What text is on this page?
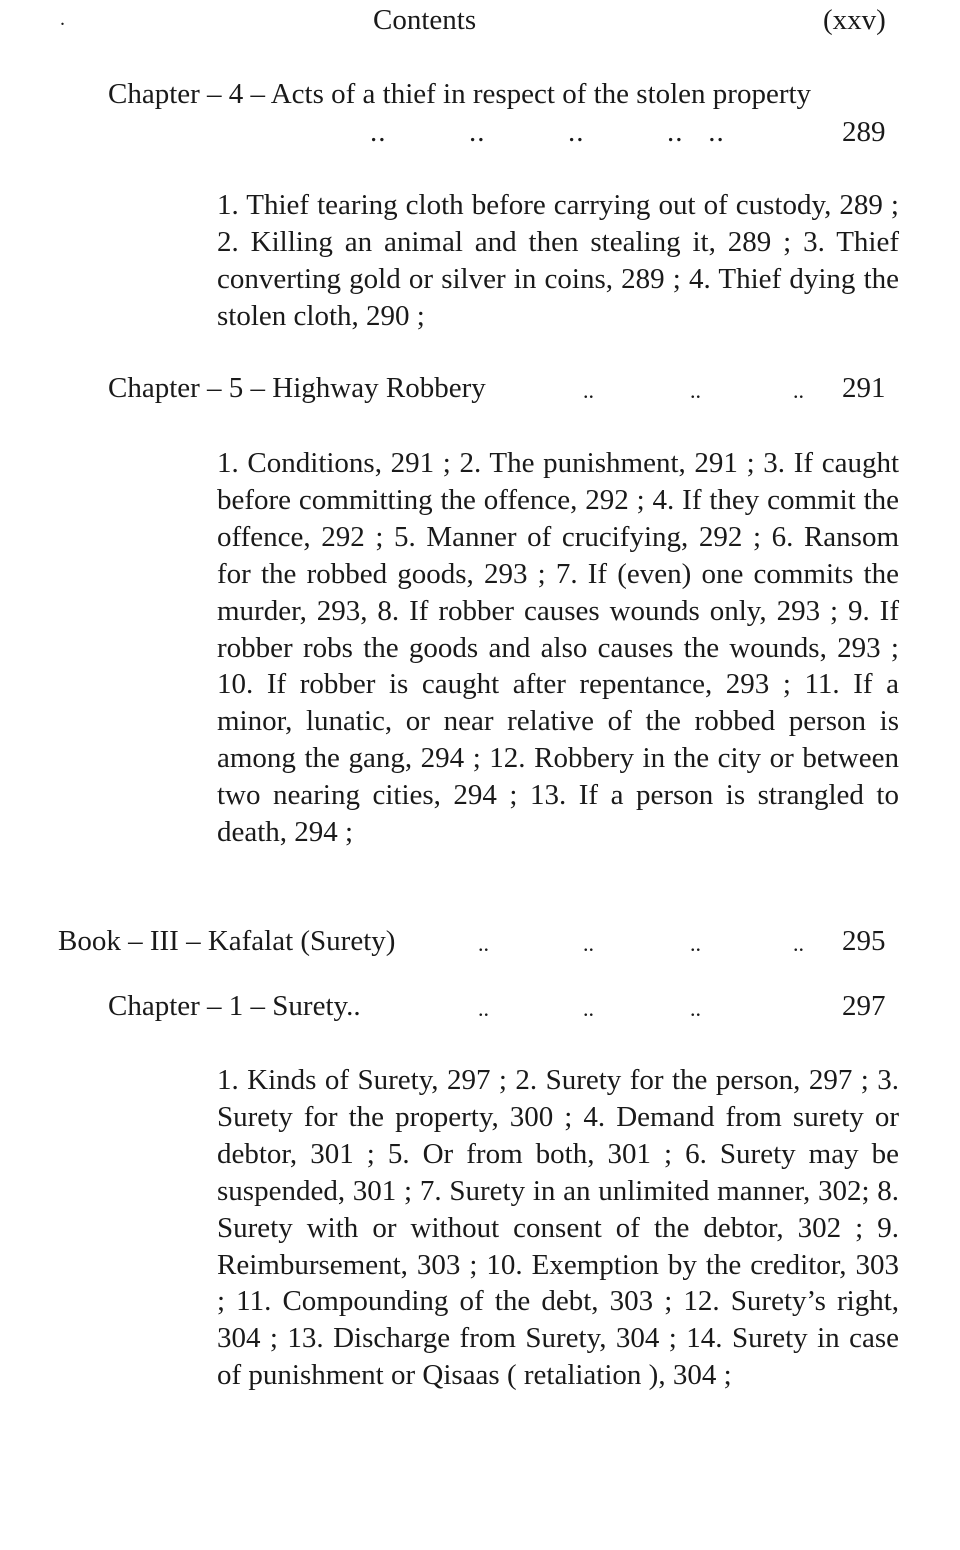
.	Contents	(xxv)
Chapter – 4 – Acts of a thief in respect of the stolen property
..          ..          ..          ..   ..	289
1. Thief tearing cloth before carrying out of custody, 289 ; 2. Killing an animal and then stealing it, 289 ; 3. Thief converting gold or silver in coins, 289 ; 4. Thief dying the stolen cloth, 290 ;
Chapter – 5 – Highway Robbery	..	..	.. 291
1. Conditions, 291 ; 2. The punishment, 291 ; 3. If caught before committing the offence, 292 ; 4. If they commit the offence, 292 ; 5. Manner of crucifying, 292 ; 6. Ransom for the robbed goods, 293 ; 7. If (even) one commits the murder, 293, 8. If robber causes wounds only, 293 ; 9. If robber robs the goods and also causes the wounds, 293 ; 10. If robber is caught after repentance, 293 ; 11. If a minor, lunatic, or near relative of the robbed person is among the gang, 294 ; 12. Robbery in the city or between two nearing cities, 294 ; 13. If a person is strangled to death, 294 ;
Book – III – Kafalat (Surety)	..	..	..	.. 295
Chapter – 1 – Surety..	..	..	..	297
1. Kinds of Surety, 297 ; 2. Surety for the person, 297 ; 3. Surety for the property, 300 ; 4. Demand from surety or debtor, 301 ; 5. Or from both, 301 ; 6. Surety may be suspended, 301 ; 7. Surety in an unlimited manner, 302; 8. Surety with or without consent of the debtor, 302 ; 9. Reimbursement, 303 ; 10. Exemption by the creditor, 303 ; 11. Compounding of the debt, 303 ; 12. Surety’s right, 304 ; 13. Discharge from Surety, 304 ; 14. Surety in case of punishment or Qisaas ( retaliation ), 304 ;
